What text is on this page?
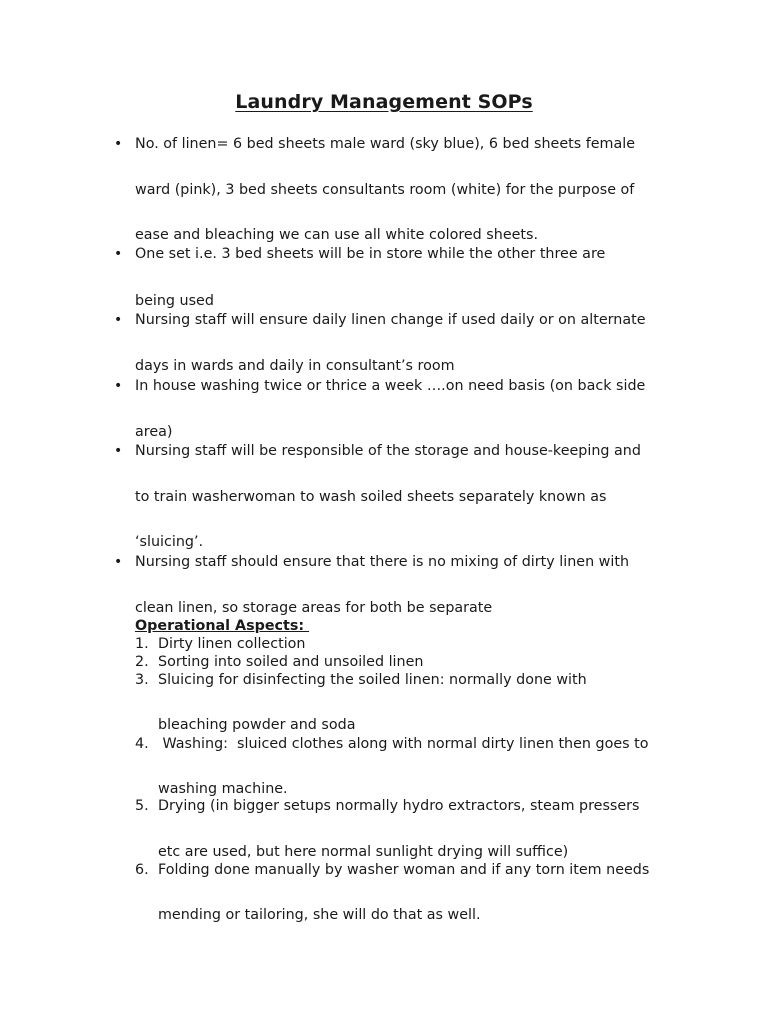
Laundry Management SOPs
• No. of linen= 6 bed sheets male ward (sky blue), 6 bed sheets female
ward (pink), 3 bed sheets consultants room (white) for the purpose of
ease and bleaching we can use all white colored sheets.
• One set i.e. 3 bed sheets will be in store while the other three are
being used
• Nursing staff will ensure daily linen change if used daily or on alternate
days in wards and daily in consultant’s room
• In house washing twice or thrice a week ….on need basis (on back side
area)
• Nursing staff will be responsible of the storage and house-keeping and
to train washerwoman to wash soiled sheets separately known as
‘sluicing’.
• Nursing staff should ensure that there is no mixing of dirty linen with
clean linen, so storage areas for both be separate
Operational Aspects:
1. Dirty linen collection
2. Sorting into soiled and unsoiled linen
3. Sluicing for disinfecting the soiled linen: normally done with
bleaching powder and soda
4. Washing:  sluiced clothes along with normal dirty linen then goes to
washing machine.
5. Drying (in bigger setups normally hydro extractors, steam pressers
etc are used, but here normal sunlight drying will suffice)
6. Folding done manually by washer woman and if any torn item needs
mending or tailoring, she will do that as well.
